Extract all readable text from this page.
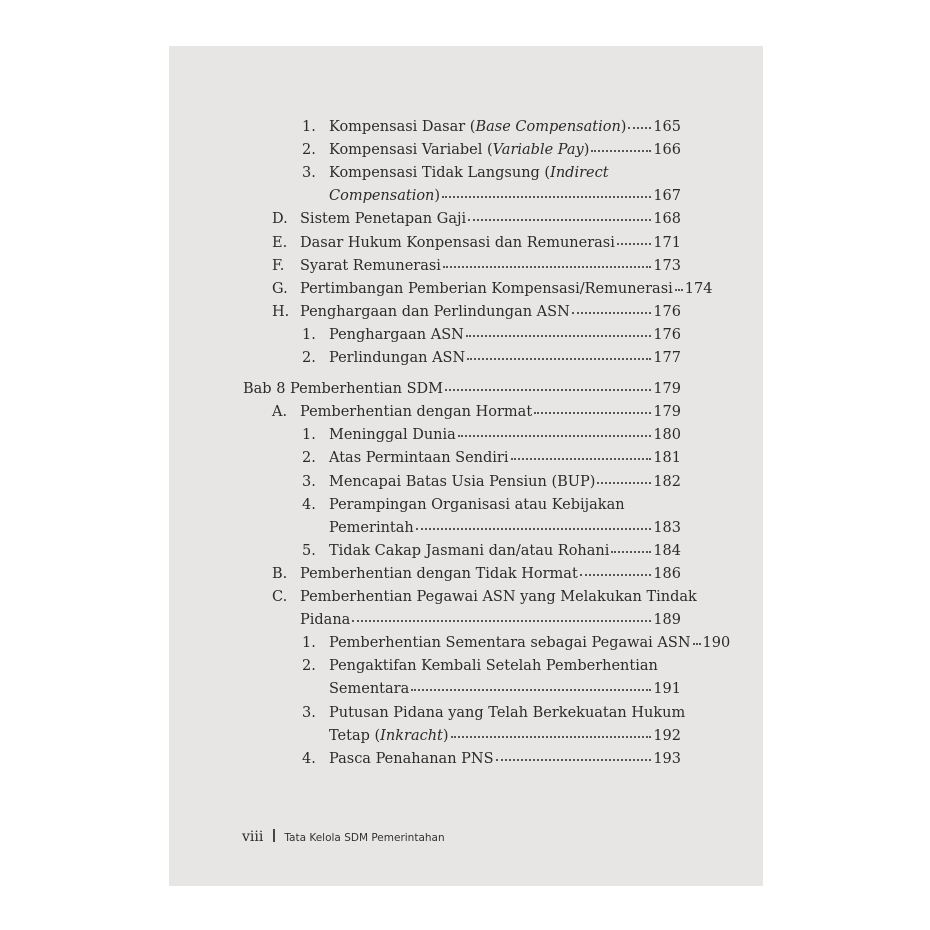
1. Kompensasi Dasar (Base Compensation) 165
2. Kompensasi Variabel (Variable Pay)	166
3. Kompensasi Tidak Langsung (Indirect
Compensation)	167
D. Sistem Penetapan Gaji	168
E. Dasar Hukum Konpensasi dan Remunerasi	171
F.	Syarat Remunerasi	173
G. Pertimbangan Pemberian Kompensasi/Remunerasi 174
H. Penghargaan dan Perlindungan ASN	176
1. Penghargaan ASN	176
2. Perlindungan ASN	177
Bab 8 Pemberhentian SDM	179
A. Pemberhentian dengan Hormat	179
1. Meninggal Dunia	180
2. Atas Permintaan Sendiri	181
3. Mencapai Batas Usia Pensiun (BUP)	182
4. Perampingan Organisasi atau Kebijakan
Pemerintah	183
5. Tidak Cakap Jasmani dan/atau Rohani	184
B. Pemberhentian dengan Tidak Hormat	186
C. Pemberhentian Pegawai ASN yang Melakukan Tindak
Pidana	189
1. Pemberhentian Sementara sebagai Pegawai ASN 190
2. Pengaktifan Kembali Setelah Pemberhentian
Sementara	191
3. Putusan Pidana yang Telah Berkekuatan Hukum
Tetap (Inkracht)	192
4. Pasca Penahanan PNS	193
viii Tata Kelola SDM Pemerintahan
